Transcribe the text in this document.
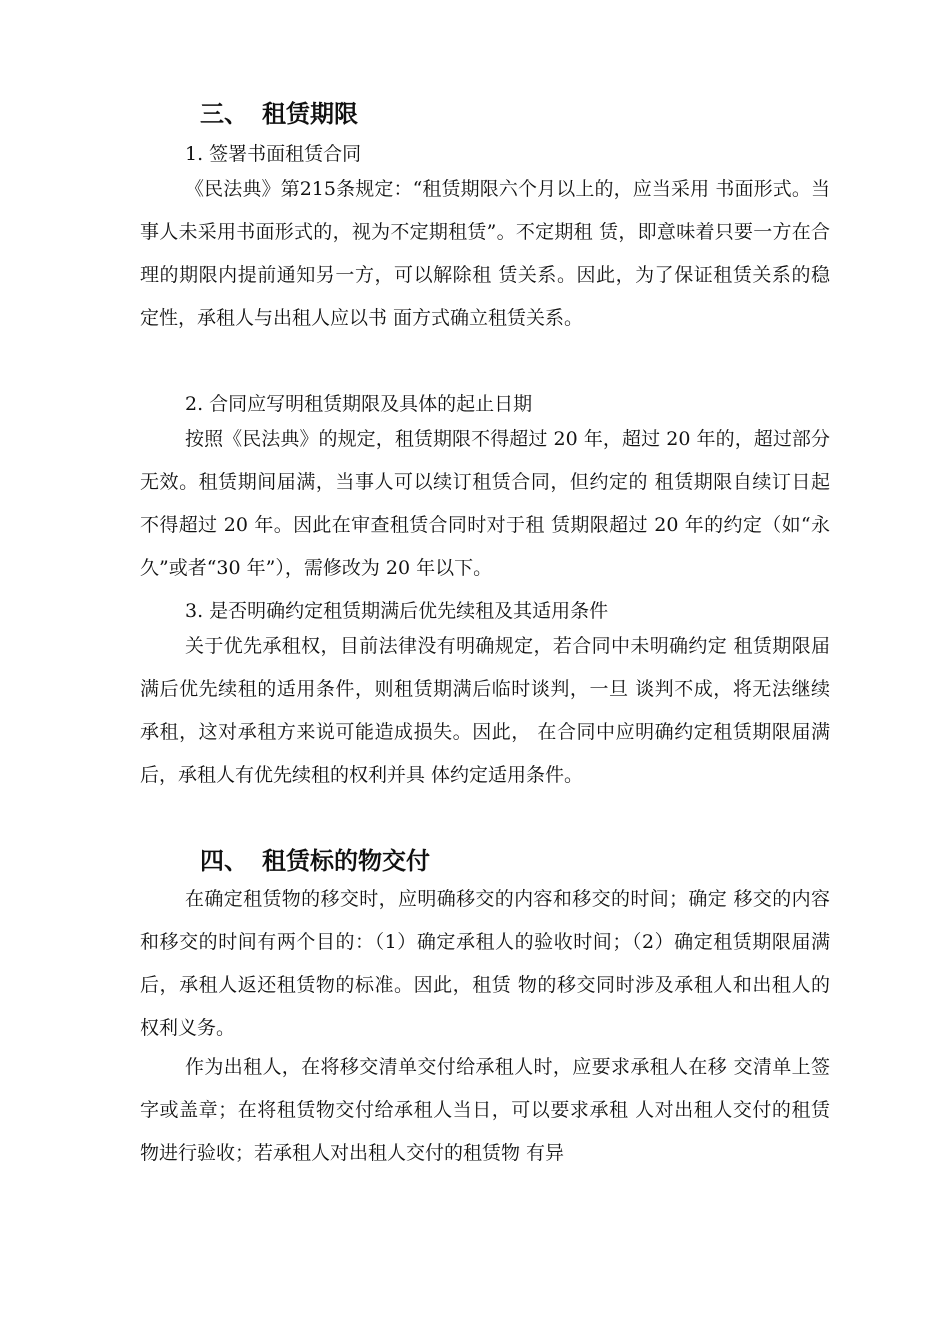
三、 租赁期限
1. 签署书面租赁合同

《民法典》第215条规定：“租赁期限六个月以上的，应当采用 书面形式。当事人未采用书面形式的，视为不定期租赁”。不定期租 赁，即意味着只要一方在合理的期限内提前通知另一方，可以解除租 赁关系。因此，为了保证租赁关系的稳定性，承租人与出租人应以书 面方式确立租赁关系。

2. 合同应写明租赁期限及具体的起止日期

按照《民法典》的规定，租赁期限不得超过 20 年，超过 20 年的，超过部分无效。租赁期间届满，当事人可以续订租赁合同，但约定的 租赁期限自续订日起不得超过 20 年。因此在审查租赁合同时对于租 赁期限超过 20 年的约定（如“永久”或者“30 年”），需修改为 20 年以下。

3. 是否明确约定租赁期满后优先续租及其适用条件

关于优先承租权，目前法律没有明确规定，若合同中未明确约定 租赁期限届满后优先续租的适用条件，则租赁期满后临时谈判，一旦 谈判不成，将无法继续承租，这对承租方来说可能造成损失。因此， 在合同中应明确约定租赁期限届满后，承租人有优先续租的权利并具 体约定适用条件。

四、 租赁标的物交付

在确定租赁物的移交时，应明确移交的内容和移交的时间；确定 移交的内容和移交的时间有两个目的：（1）确定承租人的验收时间；（2）确定租赁期限届满后，承租人返还租赁物的标准。因此，租赁 物的移交同时涉及承租人和出租人的权利义务。

作为出租人，在将移交清单交付给承租人时，应要求承租人在移 交清单上签字或盖章；在将租赁物交付给承租人当日，可以要求承租 人对出租人交付的租赁物进行验收；若承租人对出租人交付的租赁物 有异
